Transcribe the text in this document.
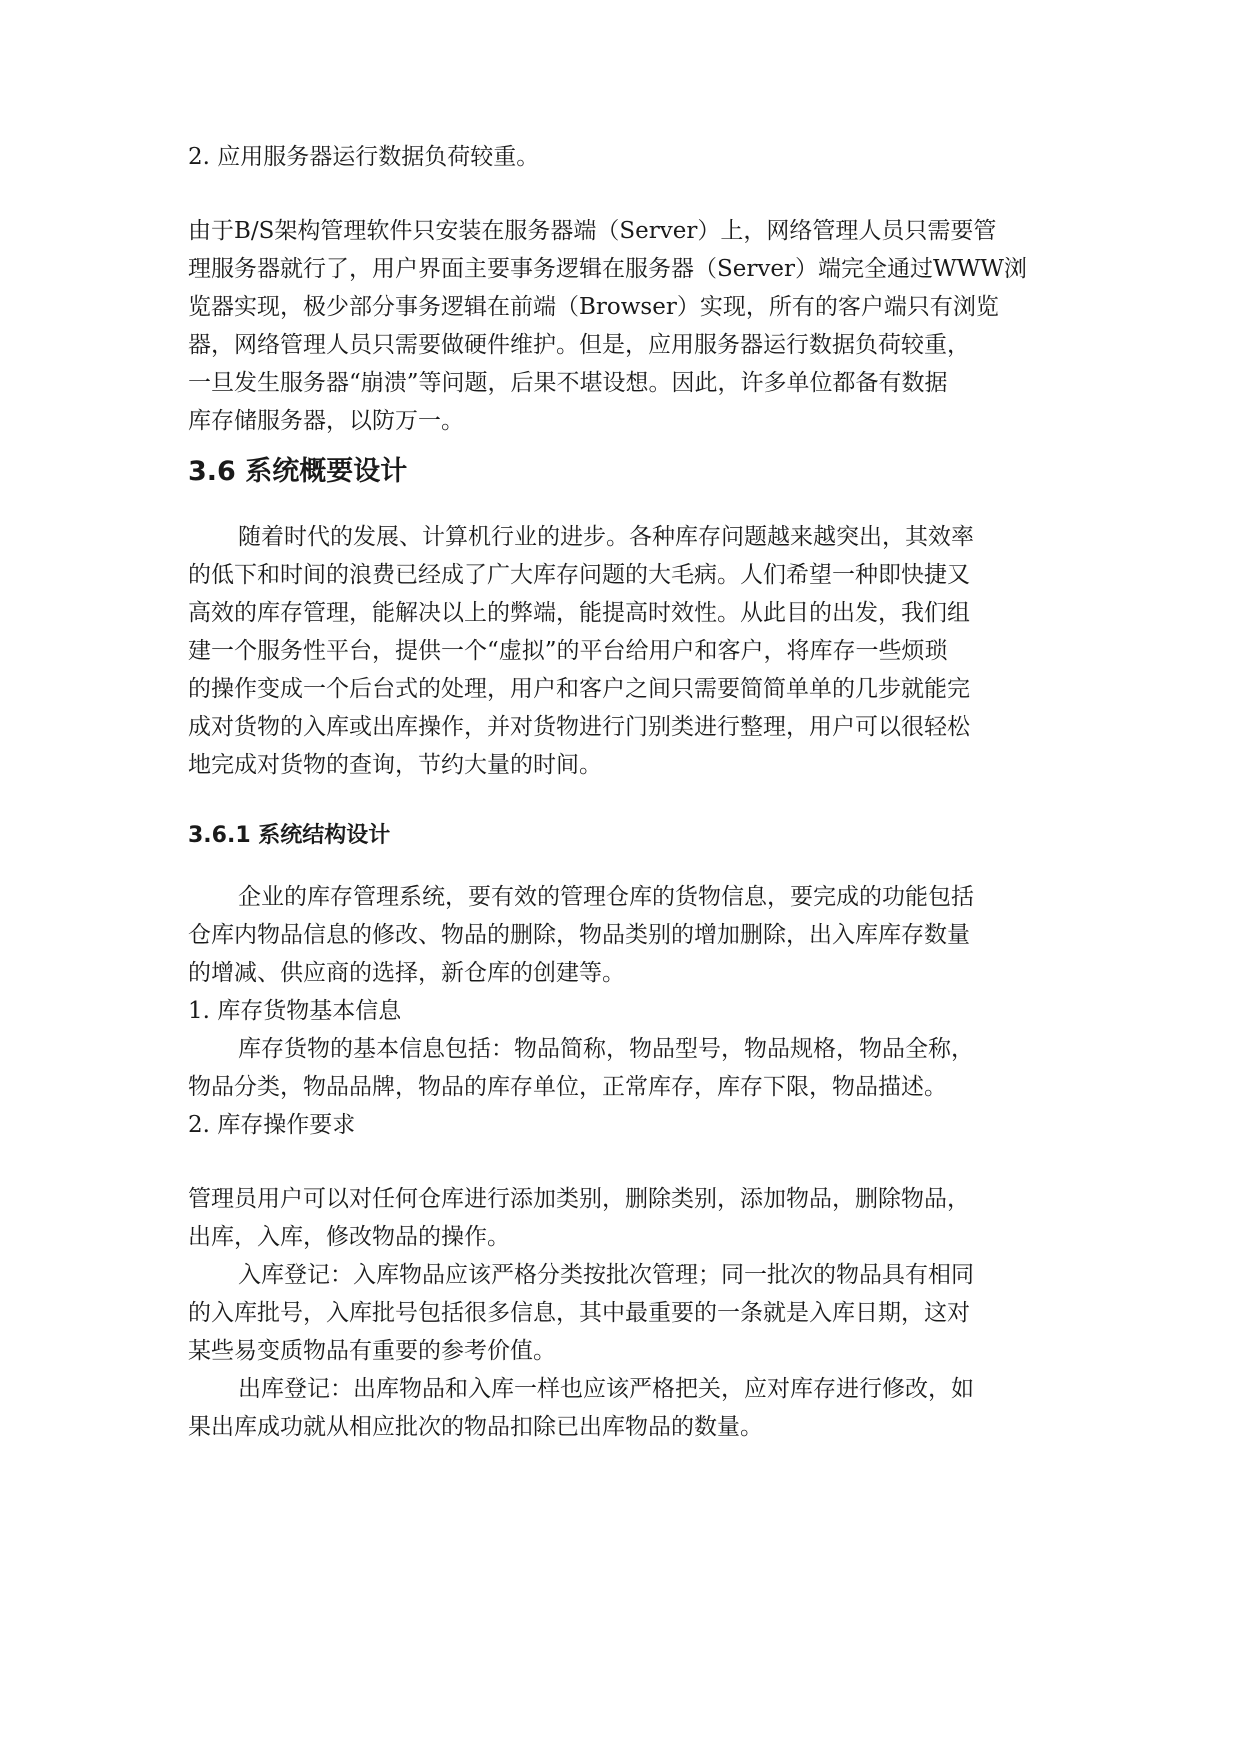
2. 应用服务器运行数据负荷较重。

由于B/S架构管理软件只安装在服务器端（Server）上，网络管理人员只需要管

理服务器就行了，用户界面主要事务逻辑在服务器（Server）端完全通过WWW浏

览器实现，极少部分事务逻辑在前端（Browser）实现，所有的客户端只有浏览

器，网络管理人员只需要做硬件维护。但是，应用服务器运行数据负荷较重，

一旦发生服务器“崩溃”等问题，后果不堪设想。因此，许多单位都备有数据

库存储服务器，以防万一。

3.6 系统概要设计

随着时代的发展、计算机行业的进步。各种库存问题越来越突出，其效率

的低下和时间的浪费已经成了广大库存问题的大毛病。人们希望一种即快捷又

高效的库存管理，能解决以上的弊端，能提高时效性。从此目的出发，我们组

建一个服务性平台，提供一个“虚拟”的平台给用户和客户，将库存一些烦琐

的操作变成一个后台式的处理，用户和客户之间只需要简简单单的几步就能完

成对货物的入库或出库操作，并对货物进行门别类进行整理，用户可以很轻松

地完成对货物的查询，节约大量的时间。

3.6.1 系统结构设计

企业的库存管理系统，要有效的管理仓库的货物信息，要完成的功能包括

仓库内物品信息的修改、物品的删除，物品类别的增加删除，出入库库存数量

的增减、供应商的选择，新仓库的创建等。

1. 库存货物基本信息

库存货物的基本信息包括：物品简称，物品型号，物品规格，物品全称，

物品分类，物品品牌，物品的库存单位，正常库存，库存下限，物品描述。

2. 库存操作要求

管理员用户可以对任何仓库进行添加类别，删除类别，添加物品，删除物品，

出库，入库，修改物品的操作。

入库登记：入库物品应该严格分类按批次管理；同一批次的物品具有相同

的入库批号，入库批号包括很多信息，其中最重要的一条就是入库日期，这对

某些易变质物品有重要的参考价值。

出库登记：出库物品和入库一样也应该严格把关，应对库存进行修改，如

果出库成功就从相应批次的物品扣除已出库物品的数量。
